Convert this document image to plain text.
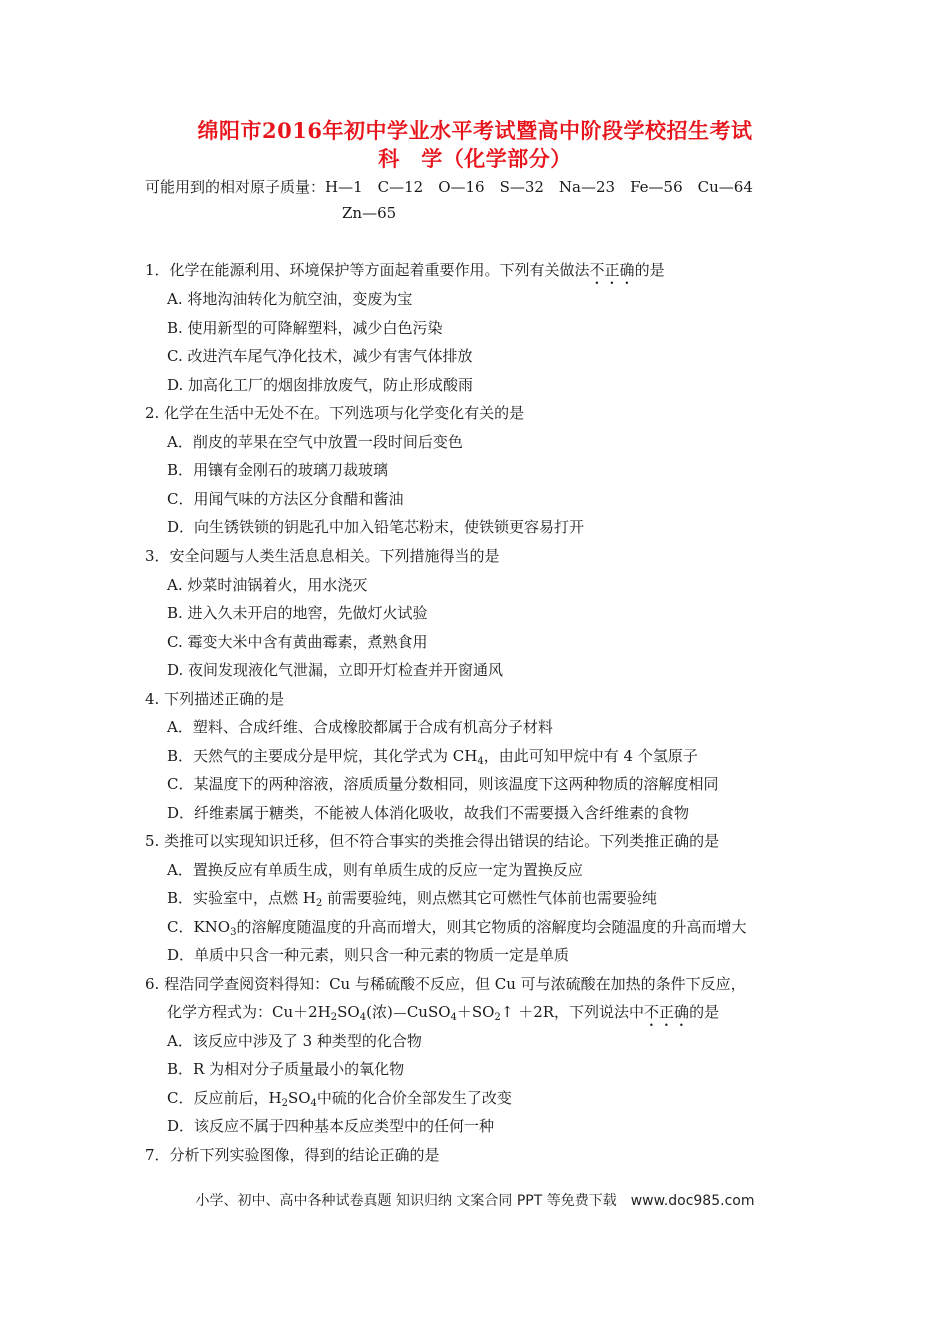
绵阳市2016年初中学业水平考试暨高中阶段学校招生考试
科　学（化学部分）
可能用到的相对原子质量：H—1　C—12　O—16　S—32　Na—23　Fe—56　Cu—64
Zn—65
1．化学在能源利用、环境保护等方面起着重要作用。下列有关做法不正确的是
A. 将地沟油转化为航空油，变废为宝
B. 使用新型的可降解塑料，减少白色污染
C. 改进汽车尾气净化技术，减少有害气体排放
D. 加高化工厂的烟囱排放废气，防止形成酸雨
2. 化学在生活中无处不在。下列选项与化学变化有关的是
A．削皮的苹果在空气中放置一段时间后变色
B．用镶有金刚石的玻璃刀裁玻璃
C．用闻气味的方法区分食醋和酱油
D．向生锈铁锁的钥匙孔中加入铅笔芯粉末，使铁锁更容易打开
3．安全问题与人类生活息息相关。下列措施得当的是
A. 炒菜时油锅着火，用水浇灭
B. 进入久未开启的地窖，先做灯火试验
C. 霉变大米中含有黄曲霉素，煮熟食用
D. 夜间发现液化气泄漏，立即开灯检查并开窗通风
4. 下列描述正确的是
A．塑料、合成纤维、合成橡胶都属于合成有机高分子材料
B．天然气的主要成分是甲烷，其化学式为 $CH_4$，由此可知甲烷中有 4 个氢原子
C．某温度下的两种溶液，溶质质量分数相同，则该温度下这两种物质的溶解度相同
D．纤维素属于糖类，不能被人体消化吸收，故我们不需要摄入含纤维素的食物
5. 类推可以实现知识迁移，但不符合事实的类推会得出错误的结论。下列类推正确的是
A．置换反应有单质生成，则有单质生成的反应一定为置换反应
B．实验室中，点燃 $H_2$ 前需要验纯，则点燃其它可燃性气体前也需要验纯
C．$KNO_3$的溶解度随温度的升高而增大，则其它物质的溶解度均会随温度的升高而增大
D．单质中只含一种元素，则只含一种元素的物质一定是单质
6. 程浩同学查阅资料得知：Cu 与稀硫酸不反应，但 Cu 可与浓硫酸在加热的条件下反应，
化学方程式为：$Cu+2H_2SO_4$(浓) $CuSO_4+SO_2↑ +2R$，下列说法中不正确的是
A．该反应中涉及了 3 种类型的化合物
B．R 为相对分子质量最小的氧化物
C．反应前后，$H_2SO_4$中硫的化合价全部发生了改变
D．该反应不属于四种基本反应类型中的任何一种
7．分析下列实验图像，得到的结论正确的是
小学、初中、高中各种试卷真题 知识归纳 文案合同 PPT 等免费下载　www.doc985.com
